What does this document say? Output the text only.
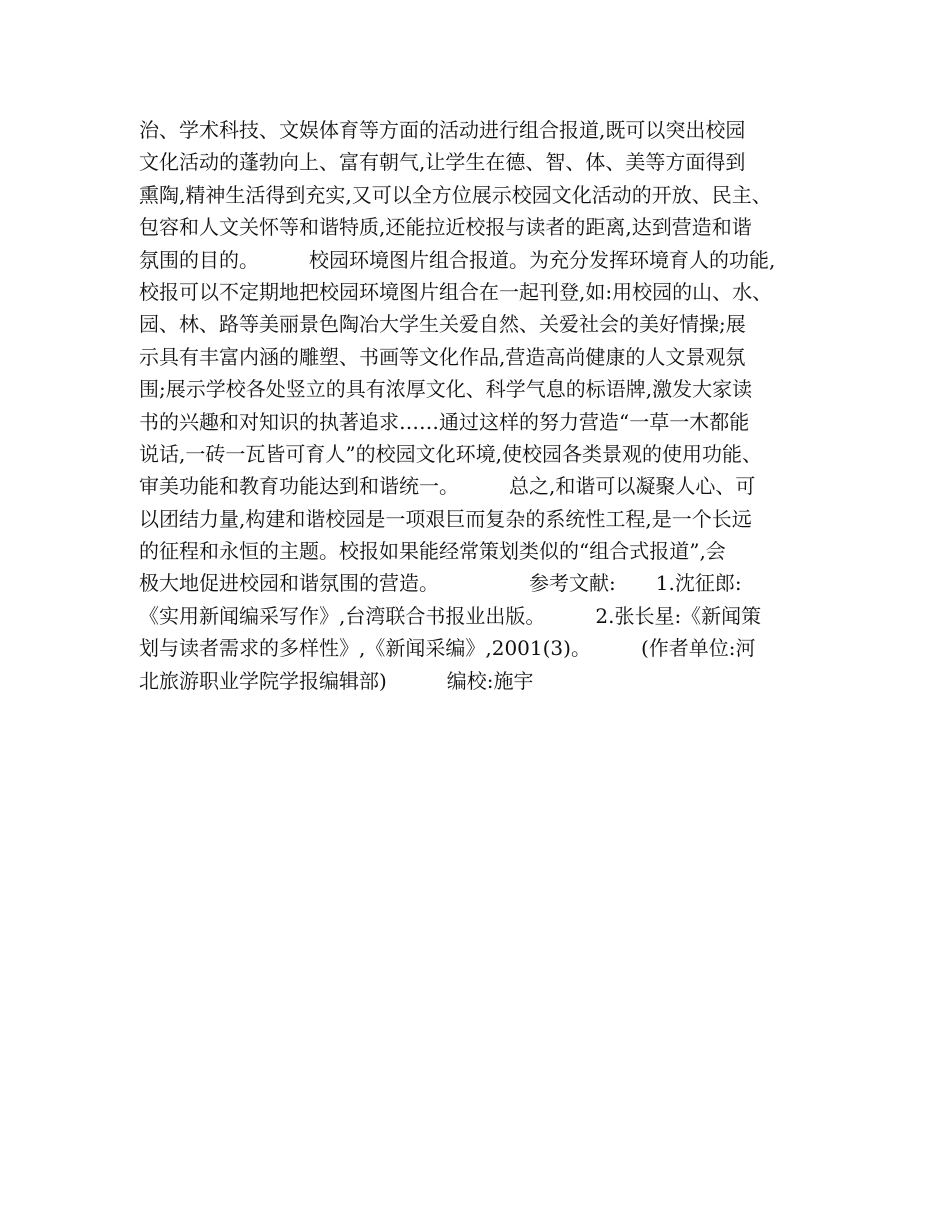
治、学术科技、文娱体育等方面的活动进行组合报道,既可以突出校园
文化活动的蓬勃向上、富有朝气,让学生在德、智、体、美等方面得到
熏陶,精神生活得到充实,又可以全方位展示校园文化活动的开放、民主、
包容和人文关怀等和谐特质,还能拉近校报与读者的距离,达到营造和谐
氛围的目的。　　　校园环境图片组合报道。为充分发挥环境育人的功能,
校报可以不定期地把校园环境图片组合在一起刊登,如:用校园的山、水、
园、林、路等美丽景色陶冶大学生关爱自然、关爱社会的美好情操;展
示具有丰富内涵的雕塑、书画等文化作品,营造高尚健康的人文景观氛
围;展示学校各处竖立的具有浓厚文化、科学气息的标语牌,激发大家读
书的兴趣和对知识的执著追求……通过这样的努力营造“一草一木都能
说话,一砖一瓦皆可育人”的校园文化环境,使校园各类景观的使用功能、
审美功能和教育功能达到和谐统一。　　　总之,和谐可以凝聚人心、可
以团结力量,构建和谐校园是一项艰巨而复杂的系统性工程,是一个长远
的征程和永恒的主题。校报如果能经常策划类似的“组合式报道”,会
极大地促进校园和谐氛围的营造。　　　　　参考文献:　　1.沈征郎:
《实用新闻编采写作》,台湾联合书报业出版。　　　2.张长星:《新闻策
划与读者需求的多样性》,《新闻采编》,2001(3)。　　　(作者单位:河
北旅游职业学院学报编辑部)　　　编校:施宇
